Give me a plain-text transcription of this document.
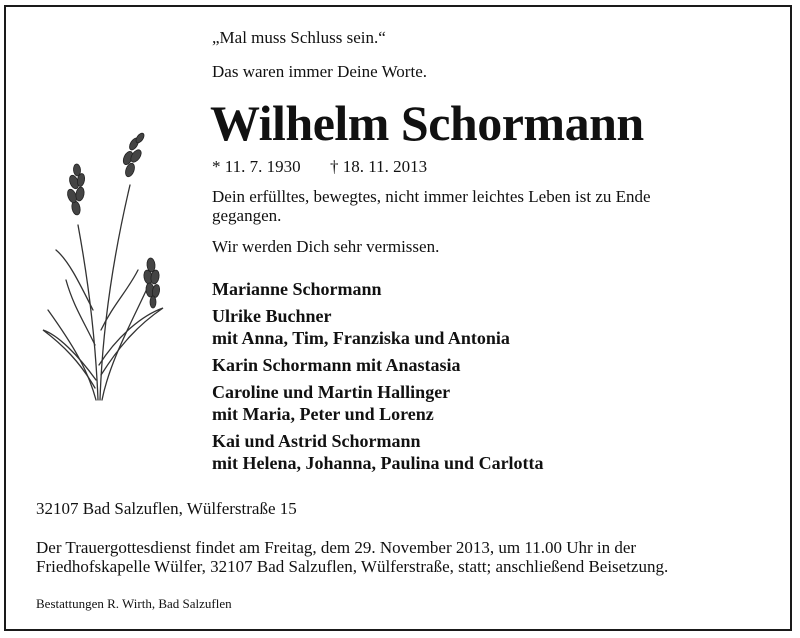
„Mal muss Schluss sein.“
Das waren immer Deine Worte.
Wilhelm Schormann
* 11. 7. 1930 † 18. 11. 2013
Dein erfülltes, bewegtes, nicht immer leichtes Leben ist zu Ende
gegangen.
Wir werden Dich sehr vermissen.
Marianne Schormann
Ulrike Buchner
mit Anna, Tim, Franziska und Antonia
Karin Schormann mit Anastasia
Caroline und Martin Hallinger
mit Maria, Peter und Lorenz
Kai und Astrid Schormann
mit Helena, Johanna, Paulina und Carlotta
32107 Bad Salzuflen, Wülferstraße 15
Der Trauergottesdienst findet am Freitag, dem 29. November 2013, um 11.00 Uhr in der
Friedhofskapelle Wülfer, 32107 Bad Salzuflen, Wülferstraße, statt; anschließend Beisetzung.
Bestattungen R. Wirth, Bad Salzuflen
